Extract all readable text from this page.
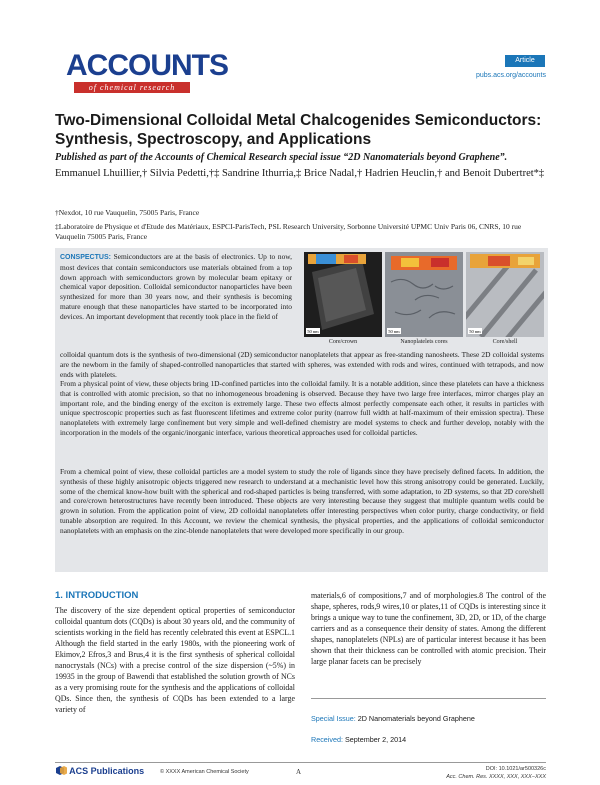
ACCOUNTS
of chemical research
Article
pubs.acs.org/accounts
Two-Dimensional Colloidal Metal Chalcogenides Semiconductors: Synthesis, Spectroscopy, and Applications
Published as part of the Accounts of Chemical Research special issue “2D Nanomaterials beyond Graphene”.
Emmanuel Lhuillier,† Silvia Pedetti,†‡ Sandrine Ithurria,‡ Brice Nadal,† Hadrien Heuclin,† and Benoit Dubertret*‡
†Nexdot, 10 rue Vauquelin, 75005 Paris, France
‡Laboratoire de Physique et d'Etude des Matériaux, ESPCI-ParisTech, PSL Research University, Sorbonne Université UPMC Univ Paris 06, CNRS, 10 rue Vauquelin 75005 Paris, France
CONSPECTUS: Semiconductors are at the basis of electronics. Up to now, most devices that contain semiconductors use materials obtained from a top down approach with semiconductors grown by molecular beam epitaxy or chemical vapor deposition. Colloidal semiconductor nanoparticles have been synthesized for more than 30 years now, and their synthesis is becoming mature enough that these nanoparticles have started to be incorporated into devices. An important development that recently took place in the field of
Core/crown	Nanoplatelets cores	Core/shell
50 nm	50 nm	50 nm
colloidal quantum dots is the synthesis of two-dimensional (2D) semiconductor nanoplatelets that appear as free-standing nanosheets. These 2D colloidal systems are the newborn in the family of shaped-controlled nanoparticles that started with spheres, was extended with rods and wires, continued with tetrapods, and now ends with platelets.
From a physical point of view, these objects bring 1D-confined particles into the colloidal family. It is a notable addition, since these platelets can have a thickness that is controlled with atomic precision, so that no inhomogeneous broadening is observed. Because they have two large free interfaces, mirror charges play an important role, and the binding energy of the exciton is extremely large. These two effects almost perfectly compensate each other, it results in particles with unique spectroscopic properties such as fast fluorescent lifetimes and extreme color purity (narrow full width at half-maximum of their emission spectra). These nanoplatelets with extremely large confinement but very simple and well-defined chemistry are model systems to check and further develop, notably with the incorporation in the models of the organic/inorganic interface, various theoretical approaches used for colloidal particles.
From a chemical point of view, these colloidal particles are a model system to study the role of ligands since they have precisely defined facets. In addition, the synthesis of these highly anisotropic objects triggered new research to understand at a mechanistic level how this strong anisotropy could be generated. Luckily, some of the chemical know-how built with the spherical and rod-shaped particles is being transferred, with some adaptation, to 2D systems, so that 2D core/shell and core/crown heterostructures have recently been introduced. These objects are very interesting because they suggest that multiple quantum wells could be grown in solution. From the application point of view, 2D colloidal nanoplatelets offer interesting perspectives when color purity, charge conductivity, or field tunable absorption are required. In this Account, we review the chemical synthesis, the physical properties, and the applications of colloidal semiconductor nanoplatelets with an emphasis on the zinc-blende nanoplatelets that were developed more specifically in our group.
1. INTRODUCTION
The discovery of the size dependent optical properties of semiconductor colloidal quantum dots (CQDs) is about 30 years old, and the community of scientists working in the field has recently celebrated this event at ESPCL.1 Although the field started in the early 1980s, with the pioneering work of Ekimov,2 Efros,3 and Brus,4 it is the first synthesis of spherical colloidal nanocrystals (NCs) with a precise control of the size dispersion (~5%) in 19935 in the group of Bawendi that established the solution growth of NCs as a very promising route for the synthesis and the applications of colloidal QDs. Since then, the synthesis of CQDs has been extended to a large variety of
materials,6 of compositions,7 and of morphologies.8 The control of the shape, spheres, rods,9 wires,10 or plates,11 of CQDs is interesting since it brings a unique way to tune the confinement, 3D, 2D, or 1D, of the charge carriers and as a consequence their density of states. Among the different shapes, nanoplatelets (NPLs) are of particular interest because it has been shown that their thickness can be controlled with atomic precision. Their large planar facets can be precisely
Special Issue: 2D Nanomaterials beyond Graphene
Received: September 2, 2014
ACS Publications	© XXXX American Chemical Society	A	DOI: 10.1021/ar500326c
Acc. Chem. Res. XXXX, XXX, XXX−XXX
